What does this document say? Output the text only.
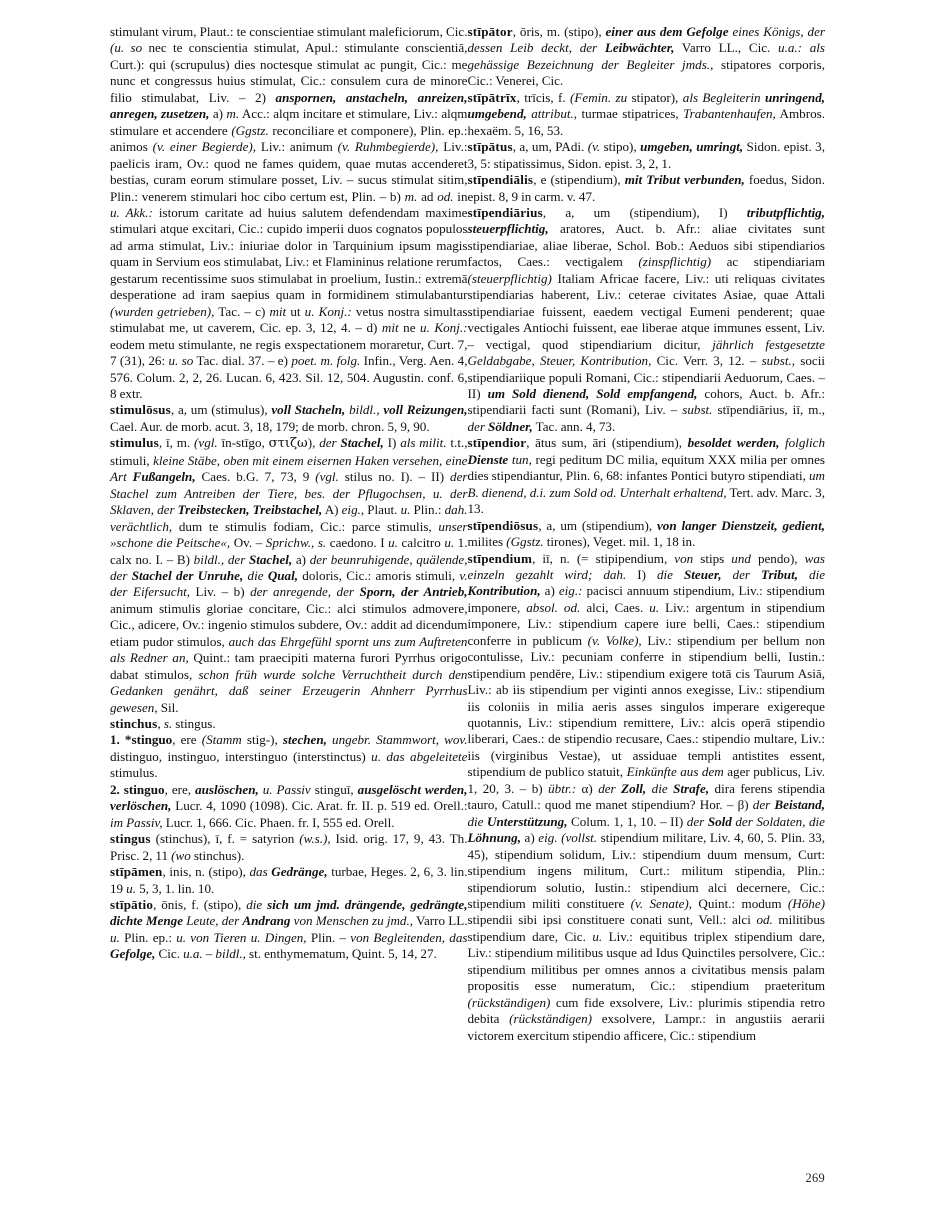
stimulant virum, Plaut.: te conscientiae stimulant maleficiorum, Cic. (u. so nec te conscientia stimulat, Apul.: stimulante conscientiā, Curt.): qui (scrupulus) dies noctesque stimulat ac pungit, Cic.: me nunc et congressus huius stimulat, Cic.: consulem cura de minore filio stimulabat, Liv. – 2) anspornen, anstacheln, anreizen, anregen, zusetzen, a) m. Acc.: alqm incitare et stimulare, Liv.: alqm stimulare et accendere (Ggstz. reconciliare et componere), Plin. ep.: animos (v. einer Begierde), Liv.: animum (v. Ruhmbegierde), Liv.: paelicis iram, Ov.: quod ne fames quidem, quae mutas accenderet bestias, curam eorum stimulare posset, Liv. – sucus stimulat sitim, Plin.: venerem stimulari hoc cibo certum est, Plin. – b) m. ad od. in u. Akk.: istorum caritate ad huius salutem defendendam maxime stimulari atque excitari, Cic.: cupido imperii duos cognatos populos ad arma stimulat, Liv.: iniuriae dolor in Tarquinium ipsum magis quam in Servium eos stimulabat, Liv.: et Flamininus relatione rerum gestarum recentissime suos stimulabat in proelium, Iustin.: extremā desperatione ad iram saepius quam in formidinem stimulabantur (wurden getrieben), Tac. – c) mit ut u. Konj.: vetus nostra simultas stimulabat me, ut caverem, Cic. ep. 3, 12, 4. – d) mit ne u. Konj.: eodem metu stimulante, ne regis exspectationem moraretur, Curt. 7, 7 (31), 26: u. so Tac. dial. 37. – e) poet. m. folg. Infin., Verg. Aen. 4, 576. Colum. 2, 2, 26. Lucan. 6, 423. Sil. 12, 504. Augustin. conf. 6, 8 extr.

stimulōsus, a, um (stimulus), voll Stacheln, bildl., voll Reizungen, Cael. Aur. de morb. acut. 3, 18, 179; de morb. chron. 5, 9, 90.

stimulus, ī, m. (vgl. īn-stīgo, στιζω), der Stachel, I) als milit. t.t., stimuli, kleine Stäbe, oben mit einem eisernen Haken versehen, eine Art Fußangeln, Caes. b.G. 7, 73, 9 (vgl. stilus no. I). – II) der Stachel zum Antreiben der Tiere, bes. der Pflugochsen, u. der Sklaven, der Treibstecken, Treibstachel, A) eig., Plaut. u. Plin.: dah. verächtlich, dum te stimulis fodiam, Cic.: parce stimulis, unser »schone die Peitsche«, Ov. – Sprichw., s. caedono. I u. calcitro u. 1. calx no. I. – B) bildl., der Stachel, a) der beunruhigende, quälende, der Stachel der Unruhe, die Qual, doloris, Cic.: amoris stimuli, v. der Eifersucht, Liv. – b) der anregende, der Sporn, der Antrieb, animum stimulis gloriae concitare, Cic.: alci stimulos admovere, Cic., adicere, Ov.: ingenio stimulos subdere, Ov.: addit ad dicendum etiam pudor stimulos, auch das Ehrgefühl spornt uns zum Auftreten als Redner an, Quint.: tam praecipiti materna furori Pyrrhus origo dabat stimulos, schon früh wurde solche Verruchtheit durch den Gedanken genährt, daß seiner Erzeugerin Ahnherr Pyrrhus gewesen, Sil.

stinchus, s. stingus.

1. *stinguo, ere (Stamm stig-), stechen, ungebr. Stammwort, wov. distinguo, instinguo, interstinguo (interstinctus) u. das abgeleitete stimulus.

2. stinguo, ere, auslöschen, u. Passiv stinguī, ausgelöscht werden, verlöschen, Lucr. 4, 1090 (1098). Cic. Arat. fr. II. p. 519 ed. Orell.: im Passiv, Lucr. 1, 666. Cic. Phaen. fr. I, 555 ed. Orell.

stingus (stinchus), ī, f. = satyrion (w.s.), Isid. orig. 17, 9, 43. Th. Prisc. 2, 11 (wo stinchus).

stīpāmen, inis, n. (stipo), das Gedränge, turbae, Heges. 2, 6, 3. lin. 19 u. 5, 3, 1. lin. 10.

stīpātio, ōnis, f. (stipo), die sich um jmd. drängende, gedrängte, dichte Menge Leute, der Andrang von Menschen zu jmd., Varro LL. u. Plin. ep.: u. von Tieren u. Dingen, Plin. – von Begleitenden, das Gefolge, Cic. u.a. – bildl., st. enthymematum, Quint. 5, 14, 27.

stīpātor, ōris, m. (stipo), einer aus dem Gefolge eines Königs, der dessen Leib deckt, der Leibwächter, Varro LL., Cic. u.a.: als gehässige Bezeichnung der Begleiter jmds., stipatores corporis, Cic.: Venerei, Cic.

stīpātrīx, trīcis, f. (Femin. zu stipator), als Begleiterin unringend, umgebend, attribut., turmae stipatrices, Trabantenhaufen, Ambros. hexaëm. 5, 16, 53.

stīpātus, a, um, PAdi. (v. stipo), umgeben, umringt, Sidon. epist. 3, 3, 5: stipatissimus, Sidon. epist. 3, 2, 1.

stīpendiālis, e (stipendium), mit Tribut verbunden, foedus, Sidon. epist. 8, 9 in carm. v. 47.

stīpendiārius, a, um (stipendium), I) tributpflichtig, steuerpflichtig, aratores, Auct. b. Afr.: aliae civitates sunt stipendiariae, aliae liberae, Schol. Bob.: Aeduos sibi stipendiarios factos, Caes.: vectigalem (zinspflichtig) ac stipendiariam (steuerpflichtig) Italiam Africae facere, Liv.: uti reliquas civitates stipendiarias haberent, Liv.: ceterae civitates Asiae, quae Attali stipendiariae fuissent, eaedem vectigal Eumeni penderent; quae vectigales Antiochi fuissent, eae liberae atque immunes essent, Liv. – vectigal, quod stipendiarium dicitur, jährlich festgesetzte Geldabgabe, Steuer, Kontribution, Cic. Verr. 3, 12. – subst., socii stipendiariique populi Romani, Cic.: stipendiarii Aeduorum, Caes. – II) um Sold dienend, Sold empfangend, cohors, Auct. b. Afr.: stipendiarii facti sunt (Romani), Liv. – subst. stīpendiārius, iī, m., der Söldner, Tac. ann. 4, 73.

stīpendior, ātus sum, āri (stipendium), besoldet werden, folglich Dienste tun, regi peditum DC milia, equitum XXX milia per omnes dies stipendiantur, Plin. 6, 68: infantes Pontici butyro stipendiati, um B. dienend, d.i. zum Sold od. Unterhalt erhaltend, Tert. adv. Marc. 3, 13.

stīpendiōsus, a, um (stipendium), von langer Dienstzeit, gedient, milites (Ggstz. tirones), Veget. mil. 1, 18 in.

stīpendium, iī, n. (= stipipendium, von stips und pendo), was einzeln gezahlt wird; dah. I) die Steuer, der Tribut, die Kontribution, a) eig.: pacisci annuum stipendium, Liv.: stipendium imponere, absol. od. alci, Caes. u. Liv.: argentum in stipendium imponere, Liv.: stipendium capere iure belli, Caes.: stipendium conferre in publicum (v. Volke), Liv.: stipendium per bellum non contulisse, Liv.: pecuniam conferre in stipendium belli, Iustin.: stipendium pendĕre, Liv.: stipendium exigere totā cis Taurum Asiā, Liv.: ab iis stipendium per viginti annos exegisse, Liv.: stipendium iis coloniis in milia aeris asses singulos imperare exigereque quotannis, Liv.: stipendium remittere, Liv.: alcis operā stipendio liberari, Caes.: de stipendio recusare, Caes.: stipendio multare, Liv.: iis (virginibus Vestae), ut assiduae templi antistites essent, stipendium de publico statuit, Einkünfte aus dem ager publicus, Liv. 1, 20, 3. – b) übtr.: α) der Zoll, die Strafe, dira ferens stipendia tauro, Catull.: quod me manet stipendium? Hor. – β) der Beistand, die Unterstützung, Colum. 1, 1, 10. – II) der Sold der Soldaten, die Löhnung, a) eig. (vollst. stipendium militare, Liv. 4, 60, 5. Plin. 33, 45), stipendium solidum, Liv.: stipendium duum mensum, Curt: stipendium ingens militum, Curt.: militum stipendia, Plin.: stipendiorum solutio, Iustin.: stipendium alci decernere, Cic.: stipendium militi constituere (v. Senate), Quint.: modum (Höhe) stipendii sibi ipsi constituere conati sunt, Vell.: alci od. militibus stipendium dare, Cic. u. Liv.: equitibus triplex stipendium dare, Liv.: stipendium militibus usque ad Idus Quinctiles persolvere, Cic.: stipendium militibus per omnes annos a civitatibus mensis palam propositis esse numeratum, Cic.: stipendium praeteritum (rückständigen) cum fide exsolvere, Liv.: plurimis stipendia retro debita (rückständigen) exsolvere, Lampr.: in angustiis aerarii victorem exercitum stipendio afficere, Cic.: stipendium

269
